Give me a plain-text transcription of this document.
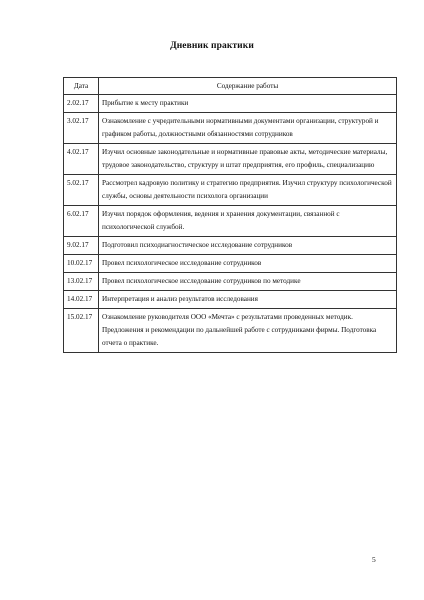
Дневник практики
Дата	Содержание работы
2.02.17	Прибытие к месту практики
3.02.17	Ознакомление с учредительными нормативными документами организации, структурой и графиком работы, должностными обязанностями сотрудников
4.02.17	Изучил основные законодательные и нормативные правовые акты, методические материалы, трудовое законодательство, структуру и штат предприятия, его профиль, специализацию
5.02.17	Рассмотрел кадровую политику и стратегию предприятия. Изучил структуру психологической службы, основы деятельности психолога организации
6.02.17	Изучил порядок оформления, ведения и хранения документации, связанной с психологической службой.
9.02.17	Подготовил психодиагностическое исследование сотрудников
10.02.17	Провел психологическое исследование сотрудников
13.02.17	Провел психологическое исследование сотрудников по методике
14.02.17	Интерпретация и анализ результатов исследования
15.02.17	Ознакомление руководителя ООО «Мечта» с результатами проведенных методик. Предложения и рекомендации по дальнейшей работе с сотрудниками фирмы. Подготовка отчета о практике.
5
